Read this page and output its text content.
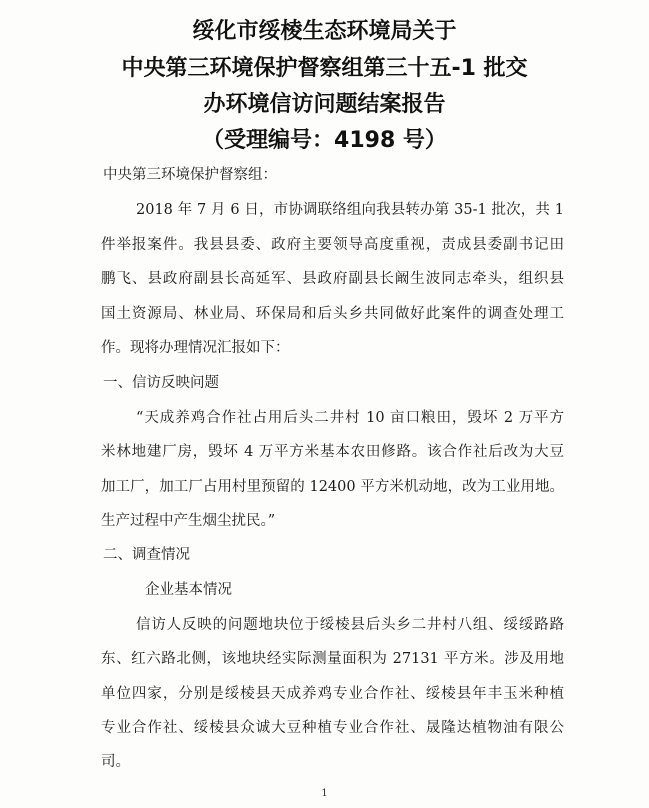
绥化市绥棱生态环境局关于
中央第三环境保护督察组第三十五-1 批交
办环境信访问题结案报告
（受理编号：4198 号）
中央第三环境保护督察组：
2018 年 7 月 6 日，市协调联络组向我县转办第 35-1 批次，共 1
件举报案件。我县县委、政府主要领导高度重视，责成县委副书记田
鹏飞、县政府副县长高延军、县政府副县长阚生波同志牵头，组织县
国土资源局、林业局、环保局和后头乡共同做好此案件的调查处理工
作。现将办理情况汇报如下：
一、信访反映问题
“天成养鸡合作社占用后头二井村 10 亩口粮田，毁坏 2 万平方
米林地建厂房，毁坏 4 万平方米基本农田修路。该合作社后改为大豆
加工厂，加工厂占用村里预留的 12400 平方米机动地，改为工业用地。
生产过程中产生烟尘扰民。”
二、调查情况
企业基本情况
信访人反映的问题地块位于绥棱县后头乡二井村八组、绥绥路路
东、红六路北侧，该地块经实际测量面积为 27131 平方米。涉及用地
单位四家，分别是绥棱县天成养鸡专业合作社、绥棱县年丰玉米种植
专业合作社、绥棱县众诚大豆种植专业合作社、晟隆达植物油有限公
司。
1
